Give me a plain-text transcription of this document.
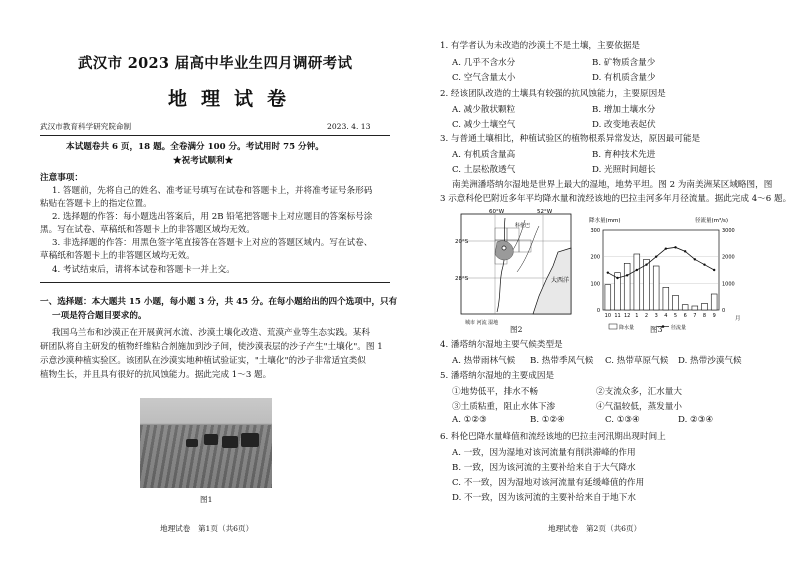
武汉市 2023 届高中毕业生四月调研考试
地理试卷
武汉市教育科学研究院命制	2023. 4. 13
本试题卷共 6 页，18 题。全卷满分 100 分。考试用时 75 分钟。
★祝考试顺利★
注意事项：
1. 答题前，先将自己的姓名、准考证号填写在试卷和答题卡上，并将准考证号条形码
粘贴在答题卡上的指定位置。
2. 选择题的作答：每小题选出答案后，用 2B 铅笔把答题卡上对应题目的答案标号涂
黑。写在试卷、草稿纸和答题卡上的非答题区域均无效。
3. 非选择题的作答：用黑色签字笔直接答在答题卡上对应的答题区域内。写在试卷、
草稿纸和答题卡上的非答题区域均无效。
4. 考试结束后，请将本试卷和答题卡一并上交。
一、选择题：本大题共 15 小题，每小题 3 分，共 45 分。在每小题给出的四个选项中，只有
一项是符合题目要求的。
我国乌兰布和沙漠正在开展黄河水流、沙漠土壤化改造、荒漠产业等生态实践。某科
研团队将自主研发的植物纤维粘合剂施加到沙子间，使沙漠表层的沙子产生"土壤化"。图 1
示意沙漠种植实验区。该团队在沙漠实地种植试验证实，"土壤化"的沙子非常适宜类似
植物生长，并且具有很好的抗风蚀能力。据此完成 1～3 题。
图1
地理试卷　第1页（共6页）
1. 有学者认为未改造的沙漠土不是土壤，主要依据是
A. 几乎不含水分	B. 矿物质含量少
C. 空气含量太小	D. 有机质含量少
2. 经该团队改造的土壤具有较强的抗风蚀能力，主要原因是
A. 减少散状颗粒	B. 增加土壤水分
C. 减少土壤空气	D. 改变地表起伏
3. 与普通土壤相比，种植试验区的植物根系异常发达，原因最可能是
A. 有机质含量高	B. 育种技术先进
C. 土层松散透气	D. 光照时间超长
南美洲潘塔纳尔湿地是世界上最大的湿地，地势平坦。图 2 为南美洲某区域略图，图
3 示意科伦巴附近多年平均降水量和流经该地的巴拉圭河多年月径流量。据此完成 4～6 题。
60°W	52°W
20°S
28°S
科伦巴
大西洋
城市 河流 湿地
图2
降水量(mm)	径流量(m³/s)
0
100
200
300
0
1000
2000
3000
10 11 12 1 2 3 4 5 6 7 8 9	月
降水量	径流量
图3
4. 潘塔纳尔湿地主要气候类型是
A. 热带雨林气候 B. 热带季风气候 C. 热带草原气候 D. 热带沙漠气候
5. 潘塔纳尔湿地的主要成因是
①地势低平，排水不畅	②支流众多，汇水量大
③土质粘重，阻止水体下渗	④气温较低，蒸发量小
A. ①②③	B. ①②④	C. ①③④	D. ②③④
6. 科伦巴降水量峰值和流经该地的巴拉圭河汛期出现时间上
A. 一致，因为湿地对该河流量有削洪滞峰的作用
B. 一致，因为该河流的主要补给来自于大气降水
C. 不一致，因为湿地对该河流量有延缓峰值的作用
D. 不一致，因为该河流的主要补给来自于地下水
地理试卷　第2页（共6页）
